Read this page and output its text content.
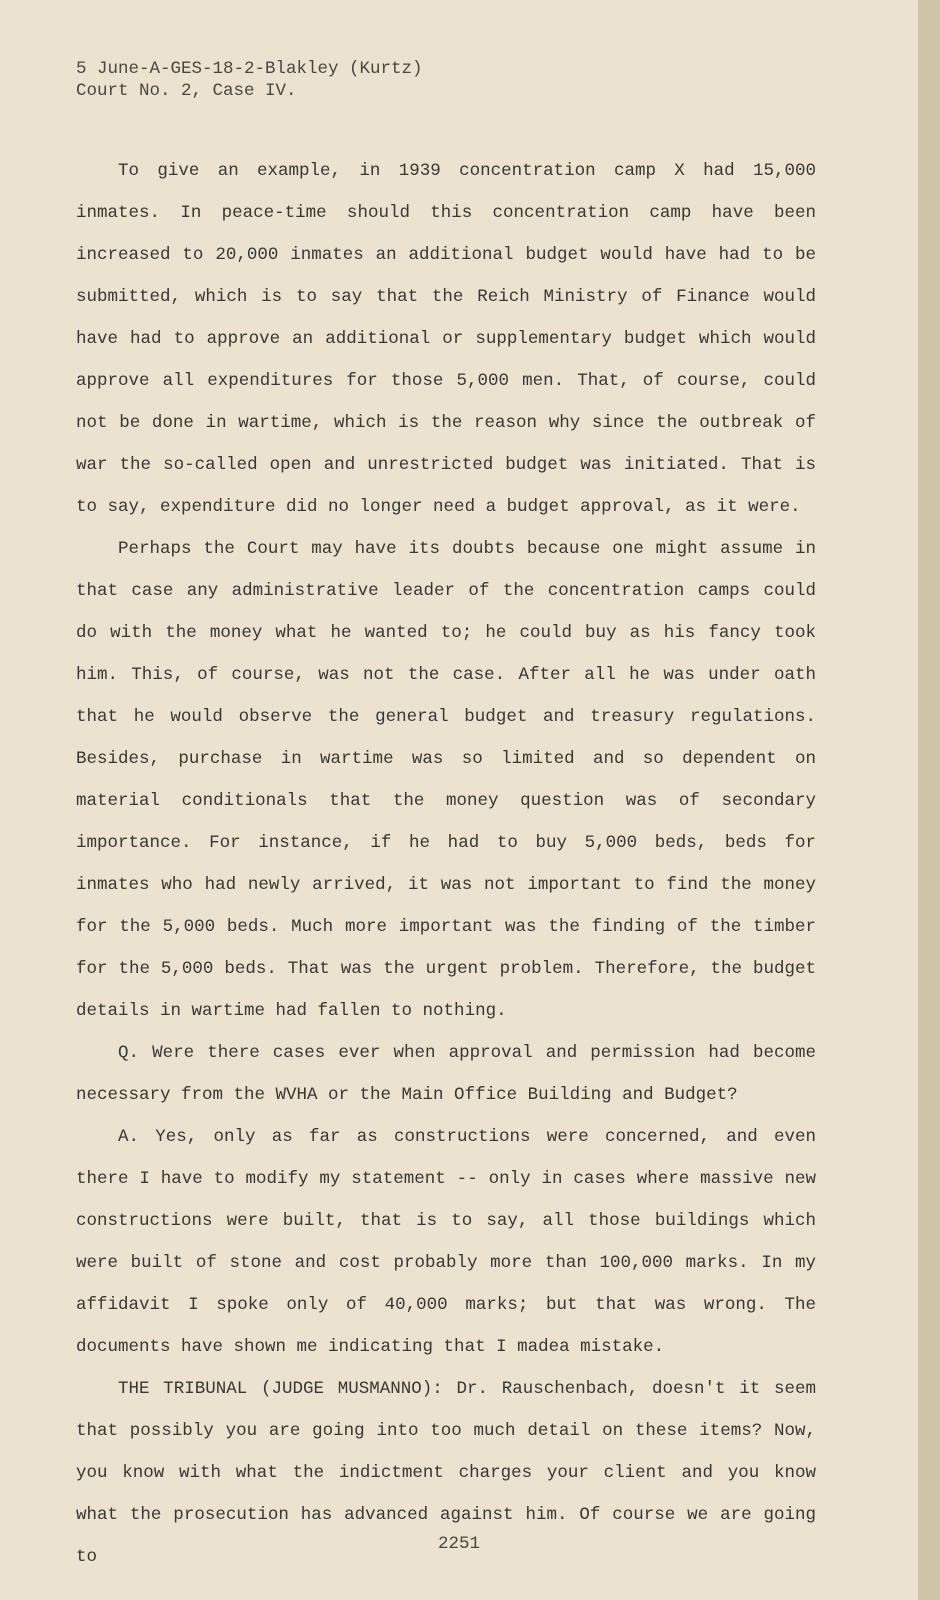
5 June-A-GES-18-2-Blakley (Kurtz)
Court No. 2, Case IV.

To give an example, in 1939 concentration camp X had 15,000 inmates. In peace-time should this concentration camp have been increased to 20,000 inmates an additional budget would have had to be submitted, which is to say that the Reich Ministry of Finance would have had to approve an additional or supplementary budget which would approve all expenditures for those 5,000 men. That, of course, could not be done in wartime, which is the reason why since the outbreak of war the so-called open and unrestricted budget was initiated. That is to say, expenditure did no longer need a budget approval, as it were.

Perhaps the Court may have its doubts because one might assume in that case any administrative leader of the concentration camps could do with the money what he wanted to; he could buy as his fancy took him. This, of course, was not the case. After all he was under oath that he would observe the general budget and treasury regulations. Besides, purchase in wartime was so limited and so dependent on material conditionals that the money question was of secondary importance. For instance, if he had to buy 5,000 beds, beds for inmates who had newly arrived, it was not important to find the money for the 5,000 beds. Much more important was the finding of the timber for the 5,000 beds. That was the urgent problem. Therefore, the budget details in wartime had fallen to nothing.

Q. Were there cases ever when approval and permission had become necessary from the WVHA or the Main Office Building and Budget?

A. Yes, only as far as constructions were concerned, and even there I have to modify my statement -- only in cases where massive new constructions were built, that is to say, all those buildings which were built of stone and cost probably more than 100,000 marks. In my affidavit I spoke only of 40,000 marks; but that was wrong. The documents have shown me indicating that I madea mistake.

THE TRIBUNAL (JUDGE MUSMANNO): Dr. Rauschenbach, doesn't it seem that possibly you are going into too much detail on these items? Now, you know with what the indictment charges your client and you know what the prosecution has advanced against him. Of course we are going to

2251
